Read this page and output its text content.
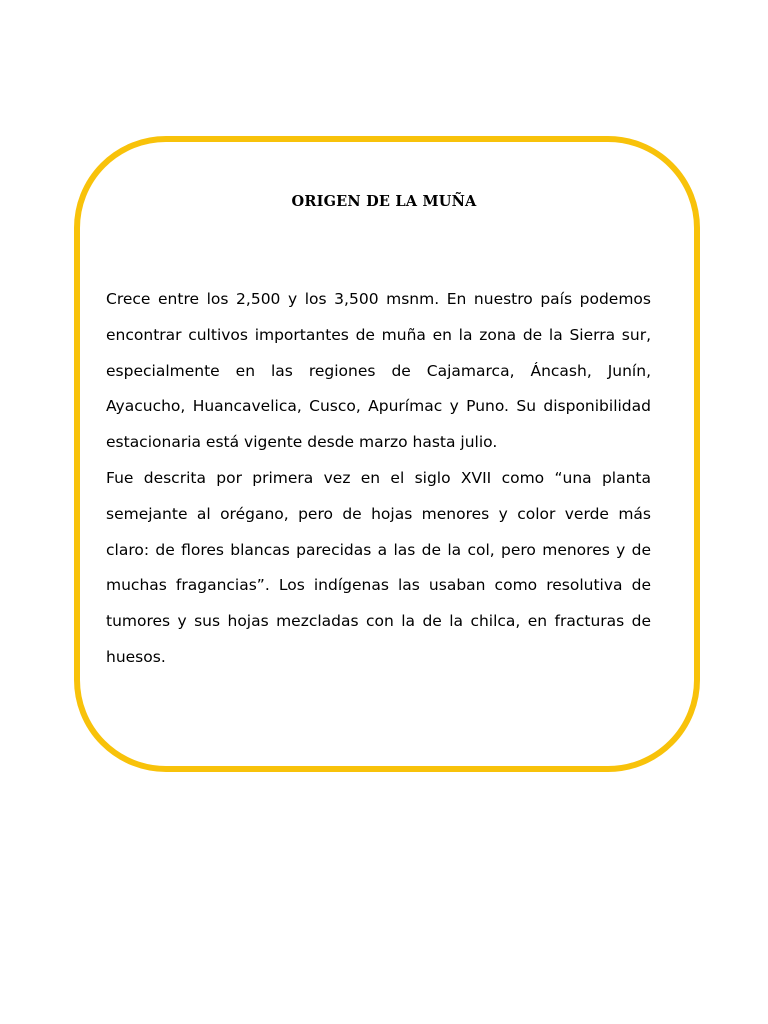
ORIGEN DE LA MUÑA

Crece entre los 2,500 y los 3,500 msnm. En nuestro país podemos encontrar cultivos importantes de muña en la zona de la Sierra sur, especialmente en las regiones de Cajamarca, Áncash, Junín, Ayacucho, Huancavelica, Cusco, Apurímac y Puno. Su disponibilidad estacionaria está vigente desde marzo hasta julio.

Fue descrita por primera vez en el siglo XVII como “una planta semejante al orégano, pero de hojas menores y color verde más claro: de flores blancas parecidas a las de la col, pero menores y de muchas fragancias”. Los indígenas las usaban como resolutiva de tumores y sus hojas mezcladas con la de la chilca, en fracturas de huesos.
